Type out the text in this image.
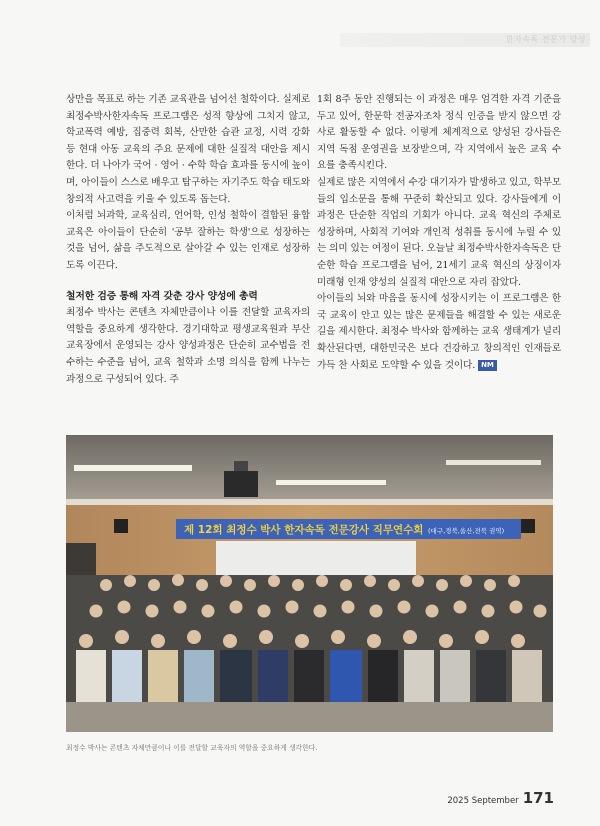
한자속독 전문가 양성

상만을 목표로 하는 기존 교육관을 넘어선 철학이다. 실제로 최정수박사한자속독 프로그램은 성적 향상에 그치지 않고, 학교폭력 예방, 집중력 회복, 산만한 습관 교정, 시력 강화 등 현대 아동 교육의 주요 문제에 대한 실질적 대안을 제시한다. 더 나아가 국어 · 영어 · 수학 학습 효과를 동시에 높이며, 아이들이 스스로 배우고 탐구하는 자기주도 학습 태도와 창의적 사고력을 키울 수 있도록 돕는다.

이처럼 뇌과학, 교육심리, 언어학, 인성 철학이 결합된 융합 교육은 아이들이 단순히 '공부 잘하는 학생'으로 성장하는 것을 넘어, 삶을 주도적으로 살아갈 수 있는 인재로 성장하도록 이끈다.

철저한 검증 통해 자격 갖춘 강사 양성에 총력

최정수 박사는 콘텐츠 자체만큼이나 이를 전달할 교육자의 역할을 중요하게 생각한다. 경기대학교 평생교육원과 부산 교육장에서 운영되는 강사 양성과정은 단순히 교수법을 전수하는 수준을 넘어, 교육 철학과 소명 의식을 함께 나누는 과정으로 구성되어 있다. 주

1회 8주 동안 진행되는 이 과정은 매우 엄격한 자격 기준을 두고 있어, 한문학 전공자조차 정식 인증을 받지 않으면 강사로 활동할 수 없다. 이렇게 체계적으로 양성된 강사들은 지역 독점 운영권을 보장받으며, 각 지역에서 높은 교육 수요를 충족시킨다.

실제로 많은 지역에서 수강 대기자가 발생하고 있고, 학부모들의 입소문을 통해 꾸준히 확산되고 있다. 강사들에게 이 과정은 단순한 직업의 기회가 아니다. 교육 혁신의 주체로 성장하며, 사회적 기여와 개인적 성취를 동시에 누릴 수 있는 의미 있는 여정이 된다. 오늘날 최정수박사한자속독은 단순한 학습 프로그램을 넘어, 21세기 교육 혁신의 상징이자 미래형 인재 양성의 실질적 대안으로 자리 잡았다.

아이들의 뇌와 마음을 동시에 성장시키는 이 프로그램은 한국 교육이 안고 있는 많은 문제들을 해결할 수 있는 새로운 길을 제시한다. 최정수 박사와 함께하는 교육 생태계가 널리 확산된다면, 대한민국은 보다 건강하고 창의적인 인재들로 가득 찬 사회로 도약할 수 있을 것이다. NM

제 12회 최정수 박사 한자속독 전문강사 직무연수회 (대구,경북,울산,전북 권역)
최정수 박사는 콘텐츠 자체만큼이나 이를 전달할 교육자의 역할을 중요하게 생각한다.
2025 September 171
